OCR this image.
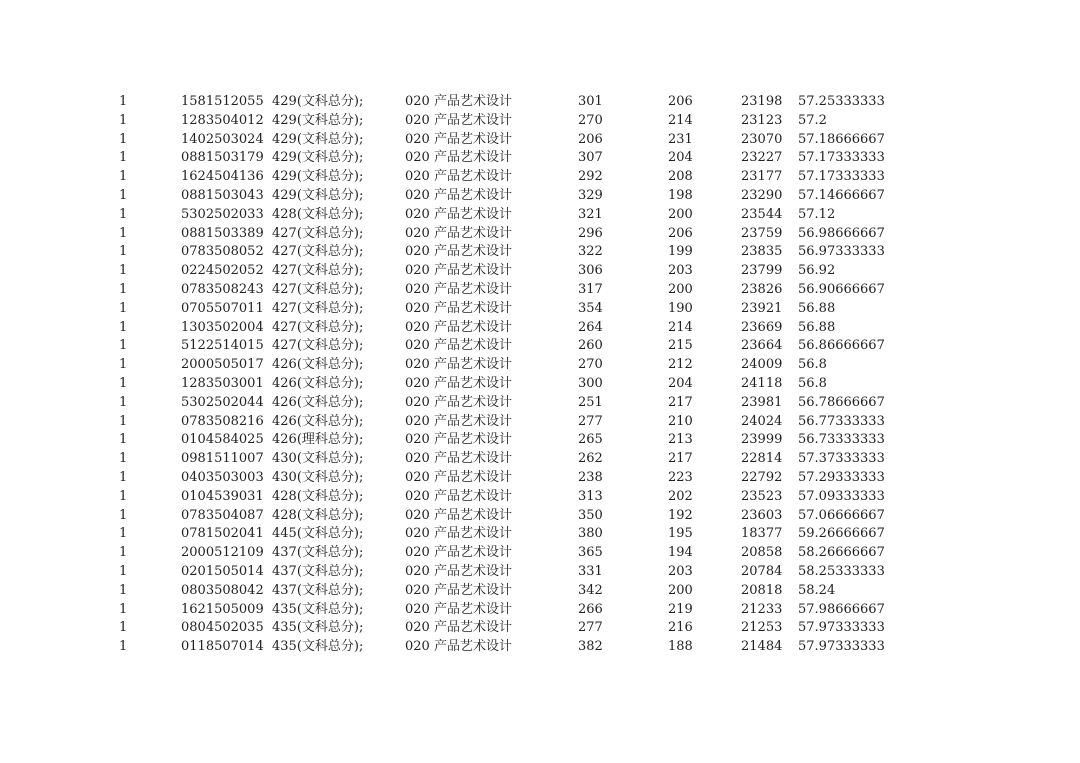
1	1581512055 429(文科总分);	020 产品艺术设计	301	206	23198 57.25333333
1	1283504012 429(文科总分);	020 产品艺术设计	270	214	23123 57.2
1	1402503024 429(文科总分);	020 产品艺术设计	206	231	23070 57.18666667
1	0881503179 429(文科总分);	020 产品艺术设计	307	204	23227 57.17333333
1	1624504136 429(文科总分);	020 产品艺术设计	292	208	23177 57.17333333
1	0881503043 429(文科总分);	020 产品艺术设计	329	198	23290 57.14666667
1	5302502033 428(文科总分);	020 产品艺术设计	321	200	23544 57.12
1	0881503389 427(文科总分);	020 产品艺术设计	296	206	23759 56.98666667
1	0783508052 427(文科总分);	020 产品艺术设计	322	199	23835 56.97333333
1	0224502052 427(文科总分);	020 产品艺术设计	306	203	23799 56.92
1	0783508243 427(文科总分);	020 产品艺术设计	317	200	23826 56.90666667
1	0705507011 427(文科总分);	020 产品艺术设计	354	190	23921 56.88
1	1303502004 427(文科总分);	020 产品艺术设计	264	214	23669 56.88
1	5122514015 427(文科总分);	020 产品艺术设计	260	215	23664 56.86666667
1	2000505017 426(文科总分);	020 产品艺术设计	270	212	24009 56.8
1	1283503001 426(文科总分);	020 产品艺术设计	300	204	24118 56.8
1	5302502044 426(文科总分);	020 产品艺术设计	251	217	23981 56.78666667
1	0783508216 426(文科总分);	020 产品艺术设计	277	210	24024 56.77333333
1	0104584025 426(理科总分);	020 产品艺术设计	265	213	23999 56.73333333
1	0981511007 430(文科总分);	020 产品艺术设计	262	217	22814 57.37333333
1	0403503003 430(文科总分);	020 产品艺术设计	238	223	22792 57.29333333
1	0104539031 428(文科总分);	020 产品艺术设计	313	202	23523 57.09333333
1	0783504087 428(文科总分);	020 产品艺术设计	350	192	23603 57.06666667
1	0781502041 445(文科总分);	020 产品艺术设计	380	195	18377 59.26666667
1	2000512109 437(文科总分);	020 产品艺术设计	365	194	20858 58.26666667
1	0201505014 437(文科总分);	020 产品艺术设计	331	203	20784 58.25333333
1	0803508042 437(文科总分);	020 产品艺术设计	342	200	20818 58.24
1	1621505009 435(文科总分);	020 产品艺术设计	266	219	21233 57.98666667
1	0804502035 435(文科总分);	020 产品艺术设计	277	216	21253 57.97333333
1	0118507014 435(文科总分);	020 产品艺术设计	382	188	21484 57.97333333
